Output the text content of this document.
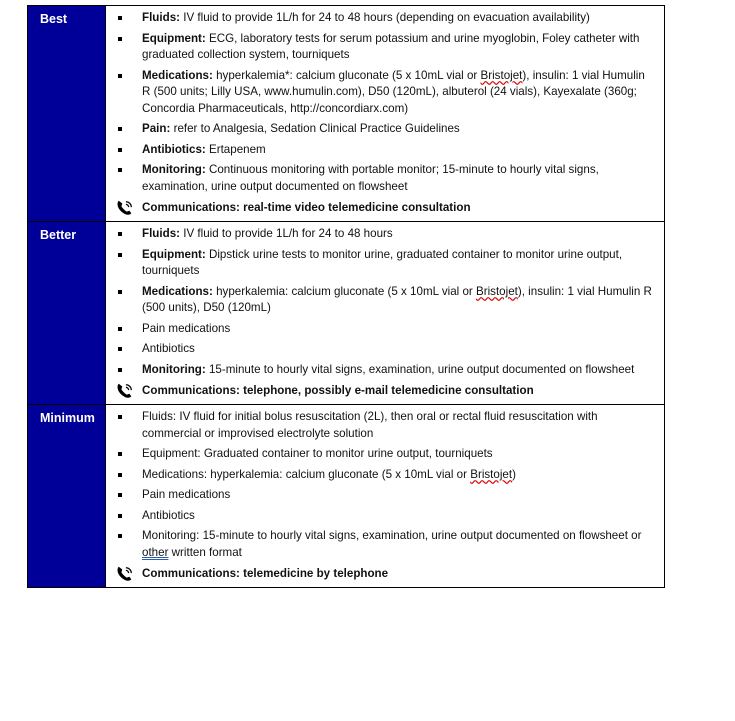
Best	Fluids: IV fluid to provide 1L/h for 24 to 48 hours (depending on evacuation availability)
Equipment: ECG, laboratory tests for serum potassium and urine myoglobin, Foley catheter with graduated collection system, tourniquets
Medications: hyperkalemia*: calcium gluconate (5 x 10mL vial or Bristojet), insulin: 1 vial Humulin R (500 units; Lilly USA, www.humulin.com), D50 (120mL), albuterol (24 vials), Kayexalate (360g; Concordia Pharmaceuticals, http://concordiarx.com)
Pain: refer to Analgesia, Sedation Clinical Practice Guidelines
Antibiotics: Ertapenem
Monitoring: Continuous monitoring with portable monitor; 15-minute to hourly vital signs, examination, urine output documented on flowsheet
Communications: real-time video telemedicine consultation
Better	Fluids: IV fluid to provide 1L/h for 24 to 48 hours
Equipment: Dipstick urine tests to monitor urine, graduated container to monitor urine output, tourniquets
Medications: hyperkalemia: calcium gluconate (5 x 10mL vial or Bristojet), insulin: 1 vial Humulin R (500 units), D50 (120mL)
Pain medications
Antibiotics
Monitoring: 15-minute to hourly vital signs, examination, urine output documented on flowsheet
Communications: telephone, possibly e-mail telemedicine consultation
Minimum	Fluids: IV fluid for initial bolus resuscitation (2L), then oral or rectal fluid resuscitation with commercial or improvised electrolyte solution
Equipment: Graduated container to monitor urine output, tourniquets
Medications: hyperkalemia: calcium gluconate (5 x 10mL vial or Bristojet)
Pain medications
Antibiotics
Monitoring: 15-minute to hourly vital signs, examination, urine output documented on flowsheet or other written format
Communications: telemedicine by telephone
